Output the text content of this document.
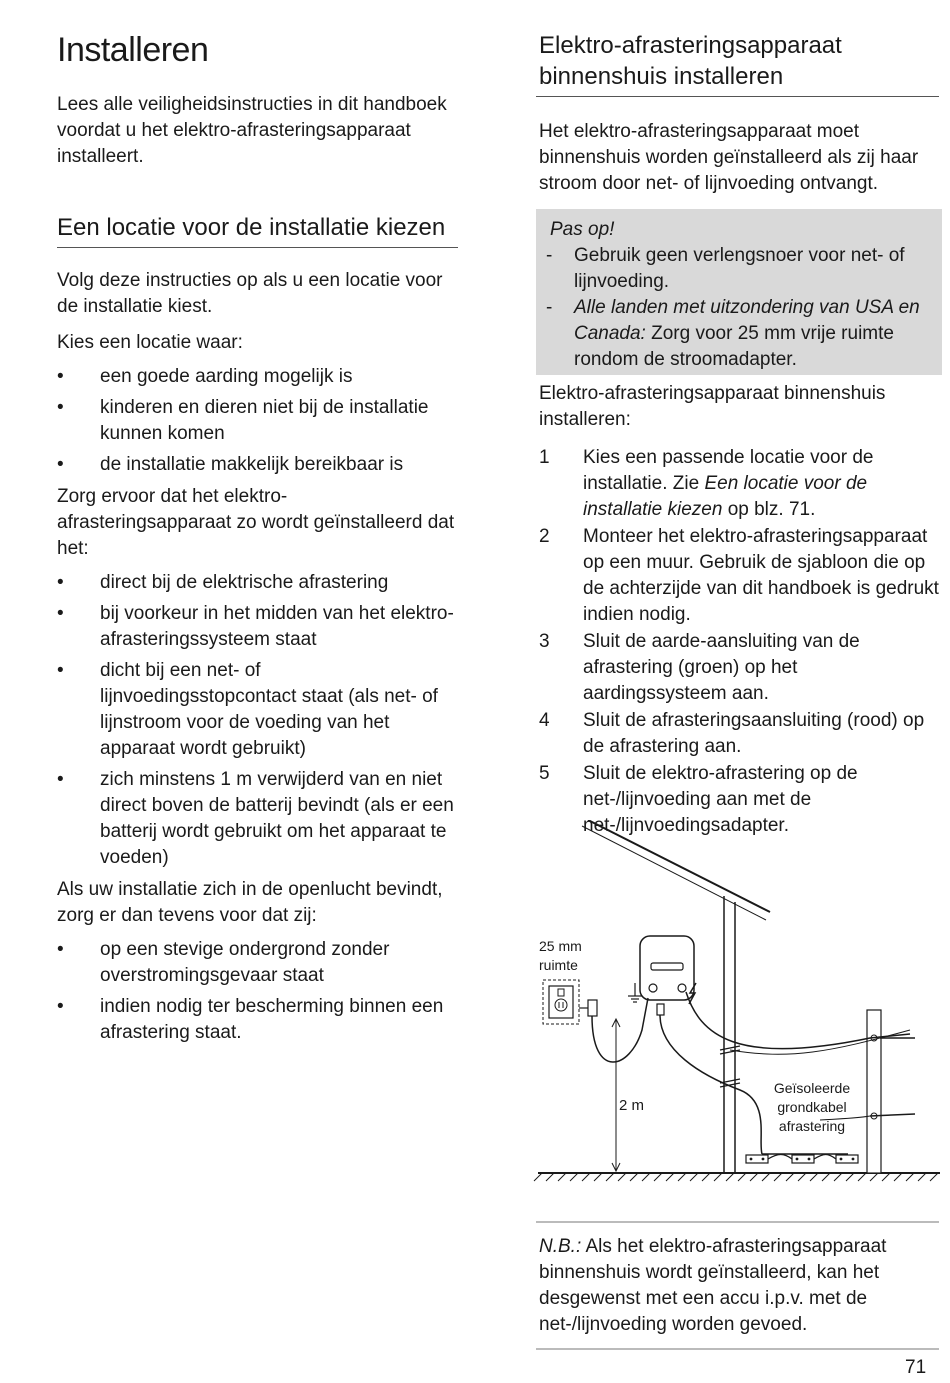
Installeren

Lees alle veiligheidsinstructies in dit handboek voordat u het elektro-afrasteringsapparaat installeert.

Een locatie voor de installatie kiezen

Volg deze instructies op als u een locatie voor de installatie kiest.

Kies een locatie waar:

• een goede aarding mogelijk is
• kinderen en dieren niet bij de installatie kunnen komen
• de installatie makkelijk bereikbaar is

Zorg ervoor dat het elektro-afrasteringsapparaat zo wordt geïnstalleerd dat het:

• direct bij de elektrische afrastering
• bij voorkeur in het midden van het elektro-afrasteringssysteem staat
• dicht bij een net- of lijnvoedingsstopcontact staat (als net- of lijnstroom voor de voeding van het apparaat wordt gebruikt)
• zich minstens 1 m verwijderd van en niet direct boven de batterij bevindt (als er een batterij wordt gebruikt om het apparaat te voeden)

Als uw installatie zich in de openlucht bevindt, zorg er dan tevens voor dat zij:

• op een stevige ondergrond zonder overstromingsgevaar staat
• indien nodig ter bescherming binnen een afrastering staat.
Elektro-afrasteringsapparaat binnenshuis installeren

Het elektro-afrasteringsapparaat moet binnenshuis worden geïnstalleerd als zij haar stroom door net- of lijnvoeding ontvangt.

Pas op!

- Gebruik geen verlengsnoer voor net- of lijnvoeding.
- Alle landen met uitzondering van USA en Canada: Zorg voor 25 mm vrije ruimte rondom de stroomadapter.

Elektro-afrasteringsapparaat binnenshuis installeren:

1 Kies een passende locatie voor de installatie. Zie Een locatie voor de installatie kiezen op blz. 71.
2 Monteer het elektro-afrasteringsapparaat op een muur. Gebruik de sjabloon die op de achterzijde van dit handboek is gedrukt indien nodig.
3 Sluit de aarde-aansluiting van de afrastering (groen) op het aardingssysteem aan.
4 Sluit de afrasteringsaansluiting (rood) op de afrastering aan.
5 Sluit de elektro-afrastering op de net-/lijnvoeding aan met de net-/lijnvoedingsadapter.
25 mm
ruimte
2 m
Geïsoleerde
grondkabel
afrastering

N.B.: Als het elektro-afrasteringsapparaat binnenshuis wordt geïnstalleerd, kan het desgewenst met een accu i.p.v. met de net-/lijnvoeding worden gevoed.

71
